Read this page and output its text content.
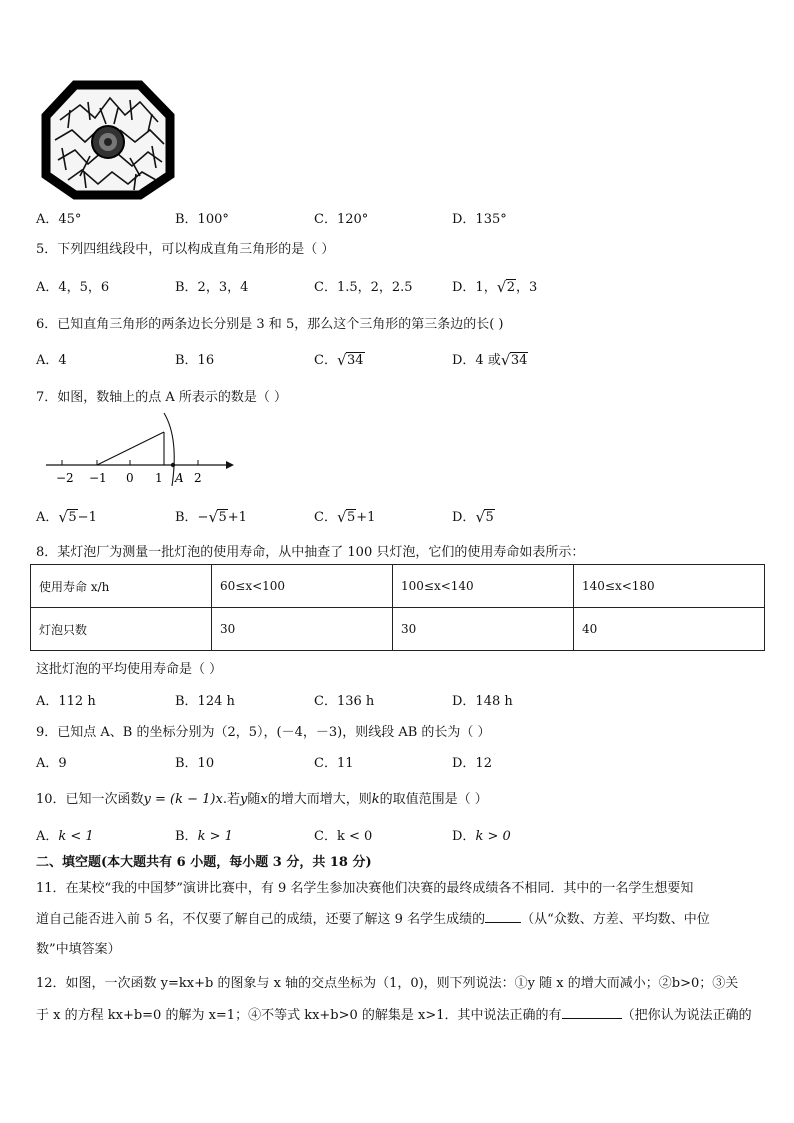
A．45°	B．100°	C．120°	D．135°
5．下列四组线段中，可以构成直角三角形的是（ ）
A．4，5，6	B．2，3，4	C．1.5，2，2.5	D．1， √ 2，3
6．已知直角三角形的两条边长分别是 3 和 5，那么这个三角形的第三条边的长( )
A．4	B．16	C． √ 34	D．4 或 √ 34
7．如图，数轴上的点 A 所表示的数是（ ）
−2 −1 0 1	2
A
A． √ 5−1	B．− √ 5+1	C． √ 5+1	D． √ 5
8．某灯泡厂为测量一批灯泡的使用寿命，从中抽查了 100 只灯泡，它们的使用寿命如表所示：
使用寿命 x/h	60≤x<100	100≤x<140	140≤x<180
灯泡只数	30	30	40
这批灯泡的平均使用寿命是（ ）
A．112 h	B．124 h	C．136 h	D．148 h
9．已知点 A、B 的坐标分别为（2，5），(－4，－3)，则线段 AB 的长为（ ）
A．9	B．10	C．11	D．12
10．已知一次函数y = (k − 1)x.若y随x的增大而增大，则k的取值范围是（ ）
A．k < 1	B．k > 1	C．k < 0	D．k > 0
二、填空题(本大题共有 6 小题，每小题 3 分，共 18 分)
11．在某校“我的中国梦”演讲比赛中，有 9 名学生参加决赛他们决赛的最终成绩各不相同．其中的一名学生想要知
道自己能否进入前 5 名，不仅要了解自己的成绩，还要了解这 9 名学生成绩的	（从“众数、方差、平均数、中位
数”中填答案）
12．如图，一次函数 y=kx+b 的图象与 x 轴的交点坐标为（1，0)，则下列说法：①y 随 x 的增大而减小；②b>0；③关
于 x 的方程 kx+b=0 的解为 x=1；④不等式 kx+b>0 的解集是 x>1．其中说法正确的有	（把你认为说法正确的
